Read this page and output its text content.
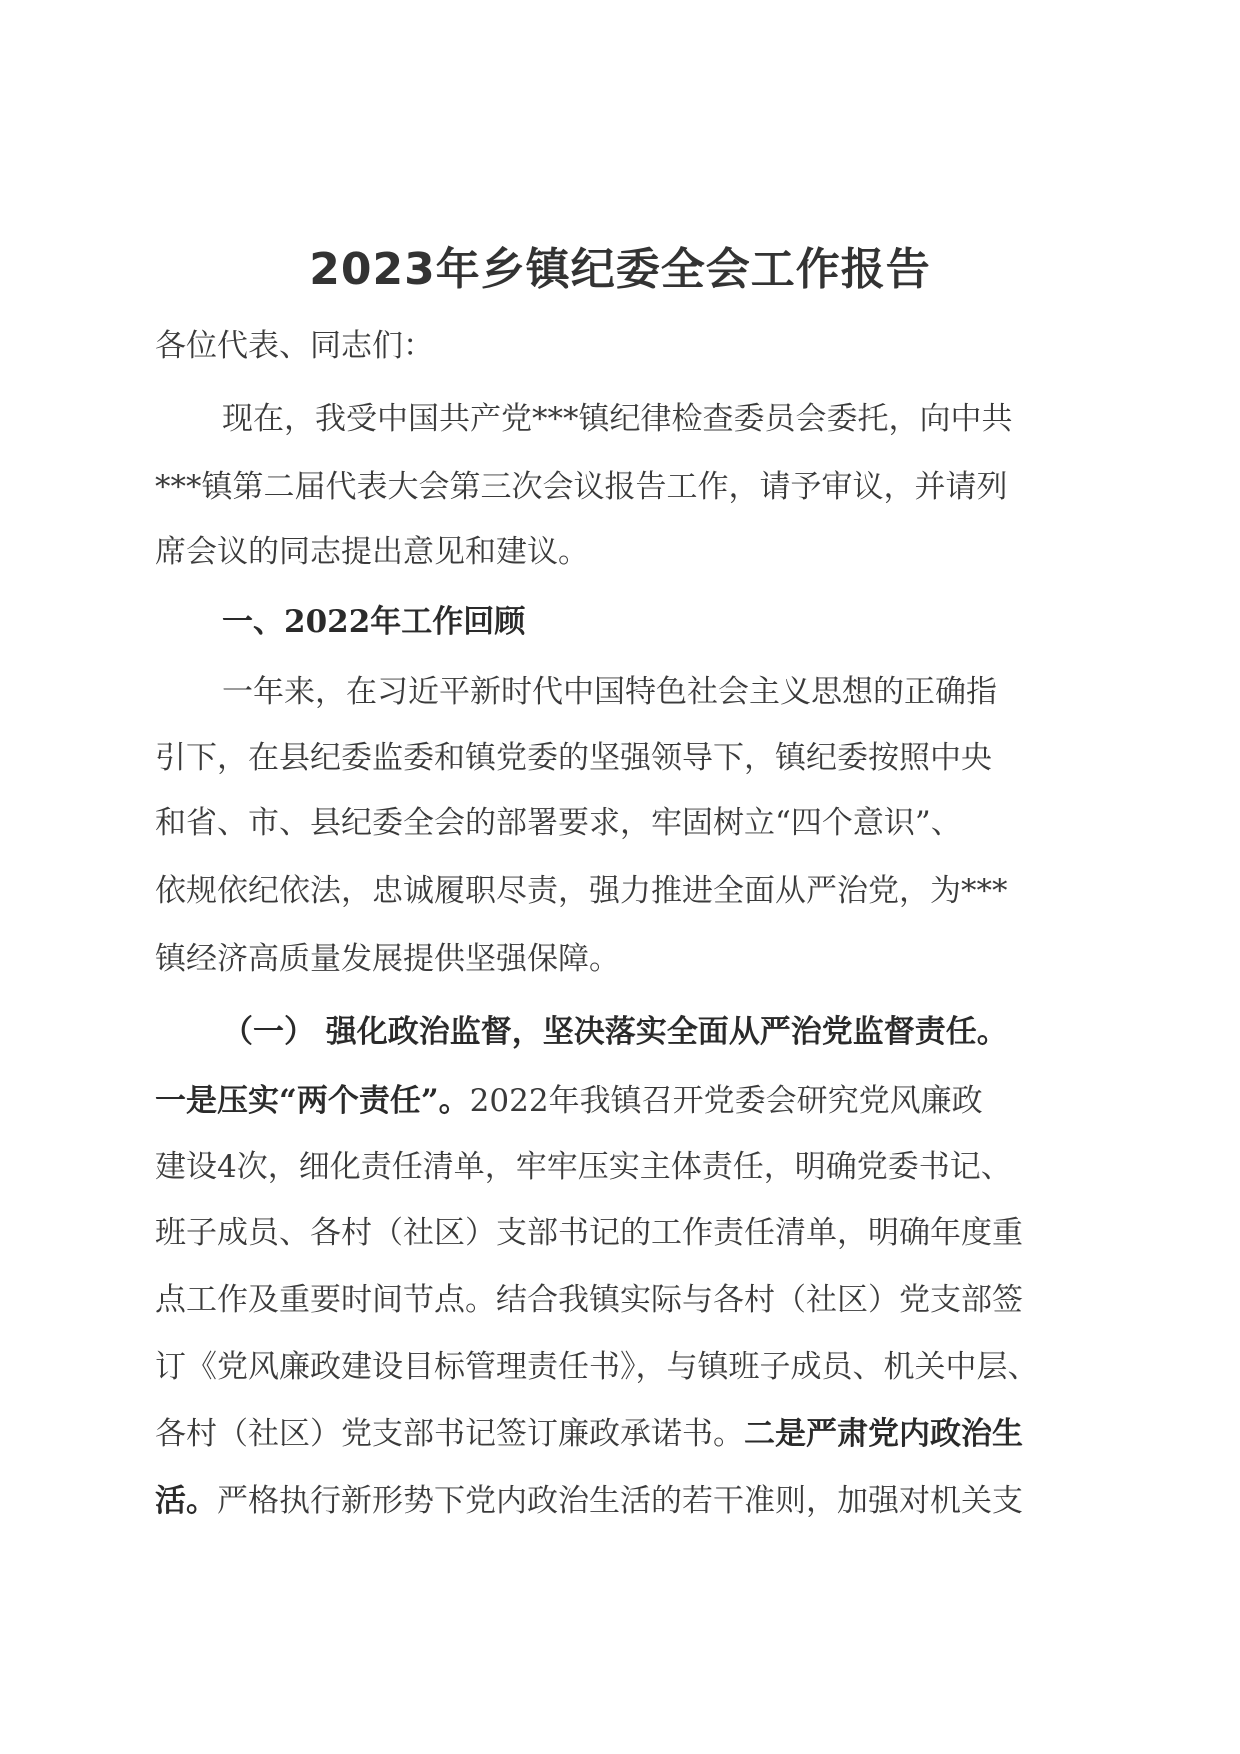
2023年乡镇纪委全会工作报告
各位代表、同志们：
现在，我受中国共产党***镇纪律检查委员会委托，向中共
***镇第二届代表大会第三次会议报告工作，请予审议，并请列
席会议的同志提出意见和建议。
一、2022年工作回顾
一年来，在习近平新时代中国特色社会主义思想的正确指
引下，在县纪委监委和镇党委的坚强领导下，镇纪委按照中央
和省、市、县纪委全会的部署要求，牢固树立“四个意识”、
依规依纪依法，忠诚履职尽责，强力推进全面从严治党，为***
镇经济高质量发展提供坚强保障。
（一） 强化政治监督，坚决落实全面从严治党监督责任。
一是压实“两个责任”。2022年我镇召开党委会研究党风廉政
建设4次，细化责任清单，牢牢压实主体责任，明确党委书记、
班子成员、各村（社区）支部书记的工作责任清单，明确年度重
点工作及重要时间节点。结合我镇实际与各村（社区）党支部签
订《党风廉政建设目标管理责任书》，与镇班子成员、机关中层、
各村（社区）党支部书记签订廉政承诺书。二是严肃党内政治生
活。严格执行新形势下党内政治生活的若干准则，加强对机关支
